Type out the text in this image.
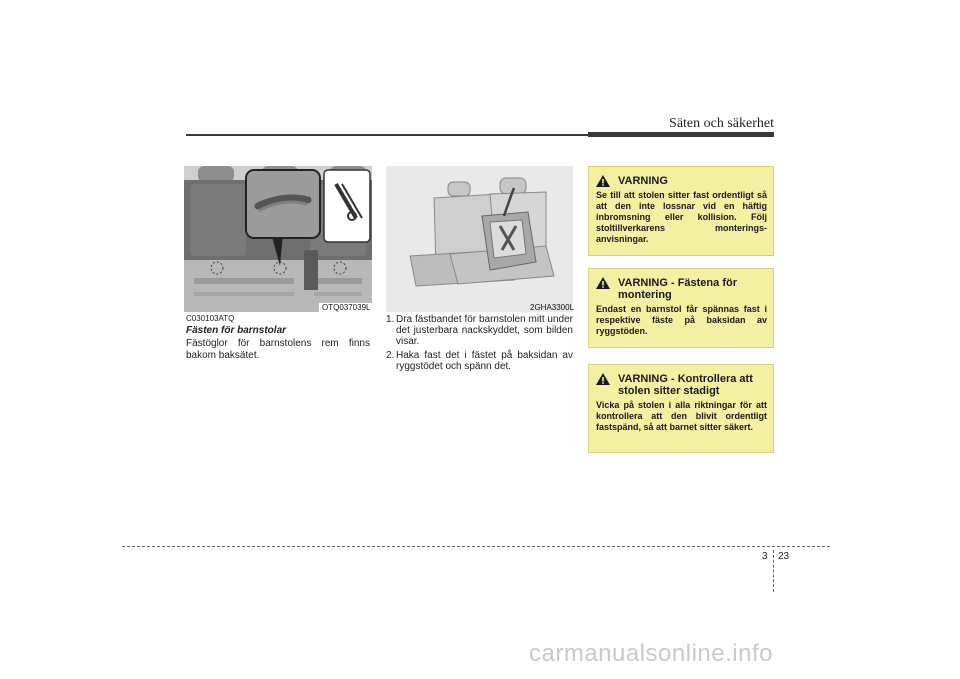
Säten och säkerhet
OTQ037039L	2GHA3300L
C030103ATQ
Fästen för barnstolar
Fästöglor för barnstolens rem finns bakom baksätet.
1. Dra fästbandet för barnstolen mitt under det justerbara nackskyddet, som bilden visar.
2. Haka fast det i fästet på baksidan av ryggstödet och spänn det.
VARNING
Se till att stolen sitter fast ordentligt så att den inte lossnar vid en häftig inbromsning eller kollision. Följ stoltillverkarens monterings-anvisningar.
VARNING - Fästena för montering
Endast en barnstol får spännas fast i respektive fäste på baksidan av ryggstöden.
VARNING - Kontrollera att stolen sitter stadigt
Vicka på stolen i alla riktningar för att kontrollera att den blivit ordentligt fastspänd, så att barnet sitter säkert.
3 23
carmanualsonline.info
